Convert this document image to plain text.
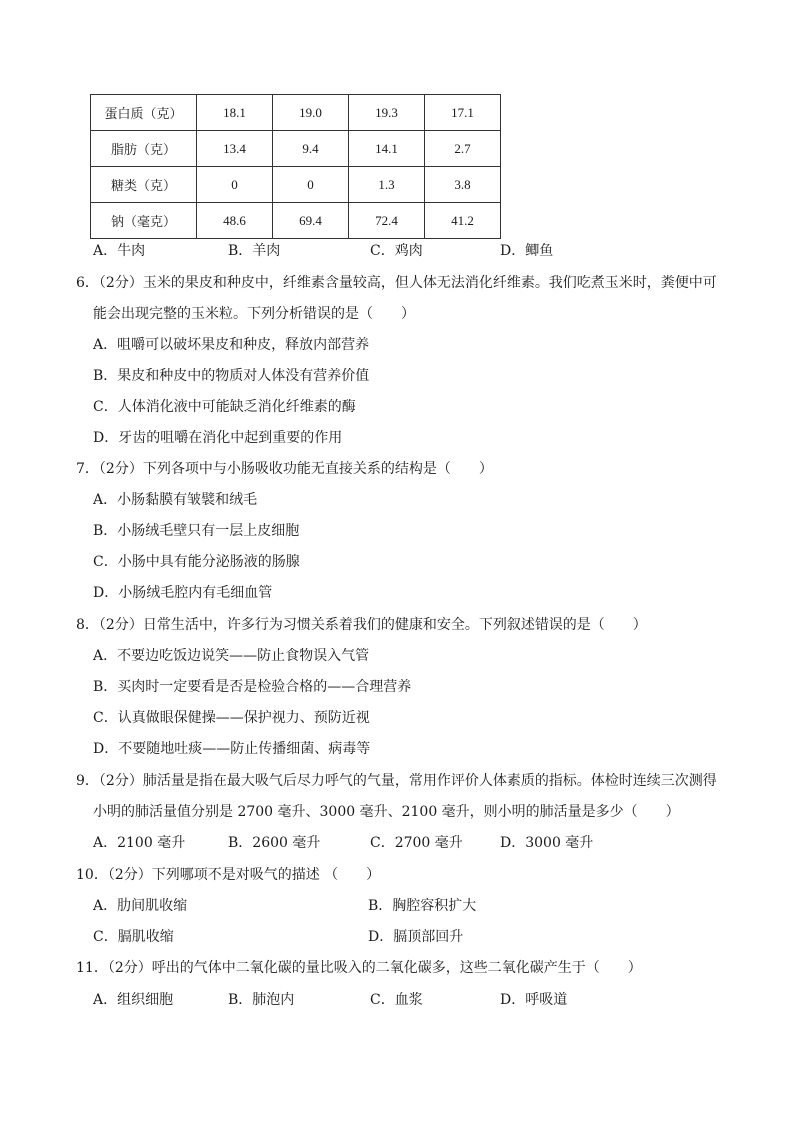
蛋白质（克）	18.1	19.0	19.3	17.1
脂肪（克）	13.4	9.4	14.1	2.7
糖类（克）	0	0	1.3	3.8
钠（毫克）	48.6	69.4	72.4	41.2
A．牛肉	B．羊肉	C．鸡肉	D．鲫鱼
6．（2分）玉米的果皮和种皮中，纤维素含量较高，但人体无法消化纤维素。我们吃煮玉米时，粪便中可
能会出现完整的玉米粒。下列分析错误的是（　　）
A．咀嚼可以破坏果皮和种皮，释放内部营养
B．果皮和种皮中的物质对人体没有营养价值
C．人体消化液中可能缺乏消化纤维素的酶
D．牙齿的咀嚼在消化中起到重要的作用
7．（2分）下列各项中与小肠吸收功能无直接关系的结构是（　　）
A．小肠黏膜有皱襞和绒毛
B．小肠绒毛壁只有一层上皮细胞
C．小肠中具有能分泌肠液的肠腺
D．小肠绒毛腔内有毛细血管
8．（2分）日常生活中，许多行为习惯关系着我们的健康和安全。下列叙述错误的是（　　）
A．不要边吃饭边说笑——防止食物误入气管
B．买肉时一定要看是否是检验合格的——合理营养
C．认真做眼保健操——保护视力、预防近视
D．不要随地吐痰——防止传播细菌、病毒等
9．（2分）肺活量是指在最大吸气后尽力呼气的气量，常用作评价人体素质的指标。体检时连续三次测得
小明的肺活量值分别是 2700 毫升、3000 毫升、2100 毫升，则小明的肺活量是多少（　　）
A．2100 毫升	B．2600 毫升	C．2700 毫升	D．3000 毫升
10．（2分）下列哪项不是对吸气的描述 （　　）
A．肋间肌收缩	B．胸腔容积扩大
C．膈肌收缩	D．膈顶部回升
11．（2分）呼出的气体中二氧化碳的量比吸入的二氧化碳多，这些二氧化碳产生于（　　）
A．组织细胞	B．肺泡内	C．血浆	D．呼吸道
